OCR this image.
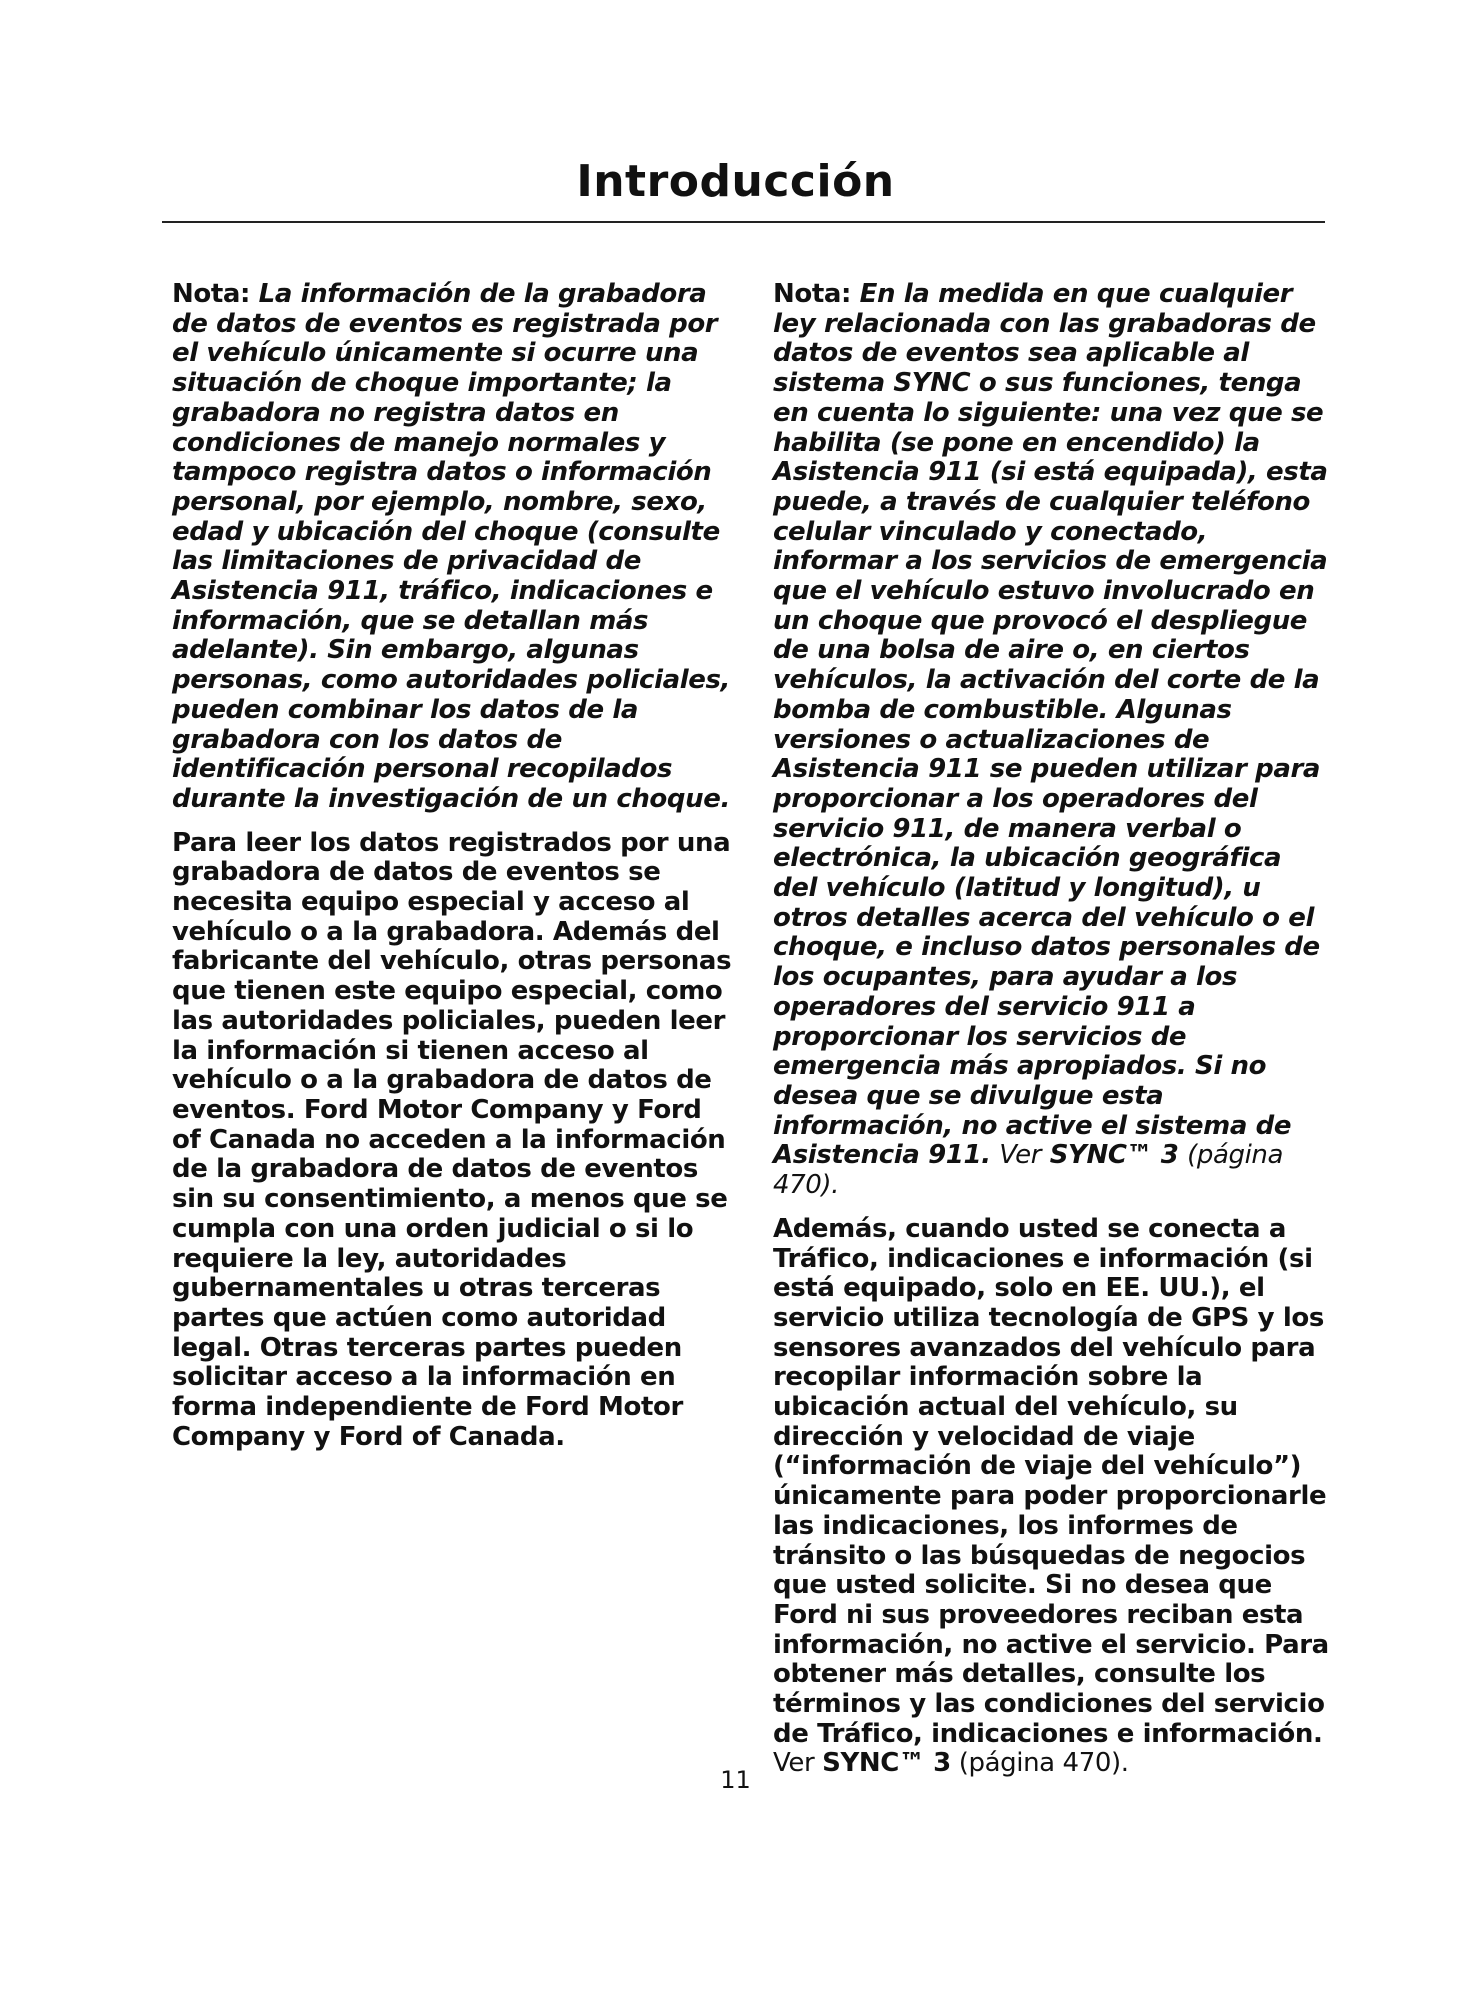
Introducción

Nota: La información de la grabadora de datos de eventos es registrada por el vehículo únicamente si ocurre una situación de choque importante; la grabadora no registra datos en condiciones de manejo normales y tampoco registra datos o información personal, por ejemplo, nombre, sexo, edad y ubicación del choque (consulte las limitaciones de privacidad de Asistencia 911, tráfico, indicaciones e información, que se detallan más adelante). Sin embargo, algunas personas, como autoridades policiales, pueden combinar los datos de la grabadora con los datos de identificación personal recopilados durante la investigación de un choque.

Para leer los datos registrados por una grabadora de datos de eventos se necesita equipo especial y acceso al vehículo o a la grabadora. Además del fabricante del vehículo, otras personas que tienen este equipo especial, como las autoridades policiales, pueden leer la información si tienen acceso al vehículo o a la grabadora de datos de eventos. Ford Motor Company y Ford of Canada no acceden a la información de la grabadora de datos de eventos sin su consentimiento, a menos que se cumpla con una orden judicial o si lo requiere la ley, autoridades gubernamentales u otras terceras partes que actúen como autoridad legal. Otras terceras partes pueden solicitar acceso a la información en forma independiente de Ford Motor Company y Ford of Canada.

Nota: En la medida en que cualquier ley relacionada con las grabadoras de datos de eventos sea aplicable al sistema SYNC o sus funciones, tenga en cuenta lo siguiente: una vez que se habilita (se pone en encendido) la Asistencia 911 (si está equipada), esta puede, a través de cualquier teléfono celular vinculado y conectado, informar a los servicios de emergencia que el vehículo estuvo involucrado en un choque que provocó el despliegue de una bolsa de aire o, en ciertos vehículos, la activación del corte de la bomba de combustible. Algunas versiones o actualizaciones de Asistencia 911 se pueden utilizar para proporcionar a los operadores del servicio 911, de manera verbal o electrónica, la ubicación geográfica del vehículo (latitud y longitud), u otros detalles acerca del vehículo o el choque, e incluso datos personales de los ocupantes, para ayudar a los operadores del servicio 911 a proporcionar los servicios de emergencia más apropiados. Si no desea que se divulgue esta información, no active el sistema de Asistencia 911. Ver SYNC™ 3 (página 470).

Además, cuando usted se conecta a Tráfico, indicaciones e información (si está equipado, solo en EE. UU.), el servicio utiliza tecnología de GPS y los sensores avanzados del vehículo para recopilar información sobre la ubicación actual del vehículo, su dirección y velocidad de viaje (“información de viaje del vehículo”) únicamente para poder proporcionarle las indicaciones, los informes de tránsito o las búsquedas de negocios que usted solicite. Si no desea que Ford ni sus proveedores reciban esta información, no active el servicio. Para obtener más detalles, consulte los términos y las condiciones del servicio de Tráfico, indicaciones e información. Ver SYNC™ 3 (página 470).

11
